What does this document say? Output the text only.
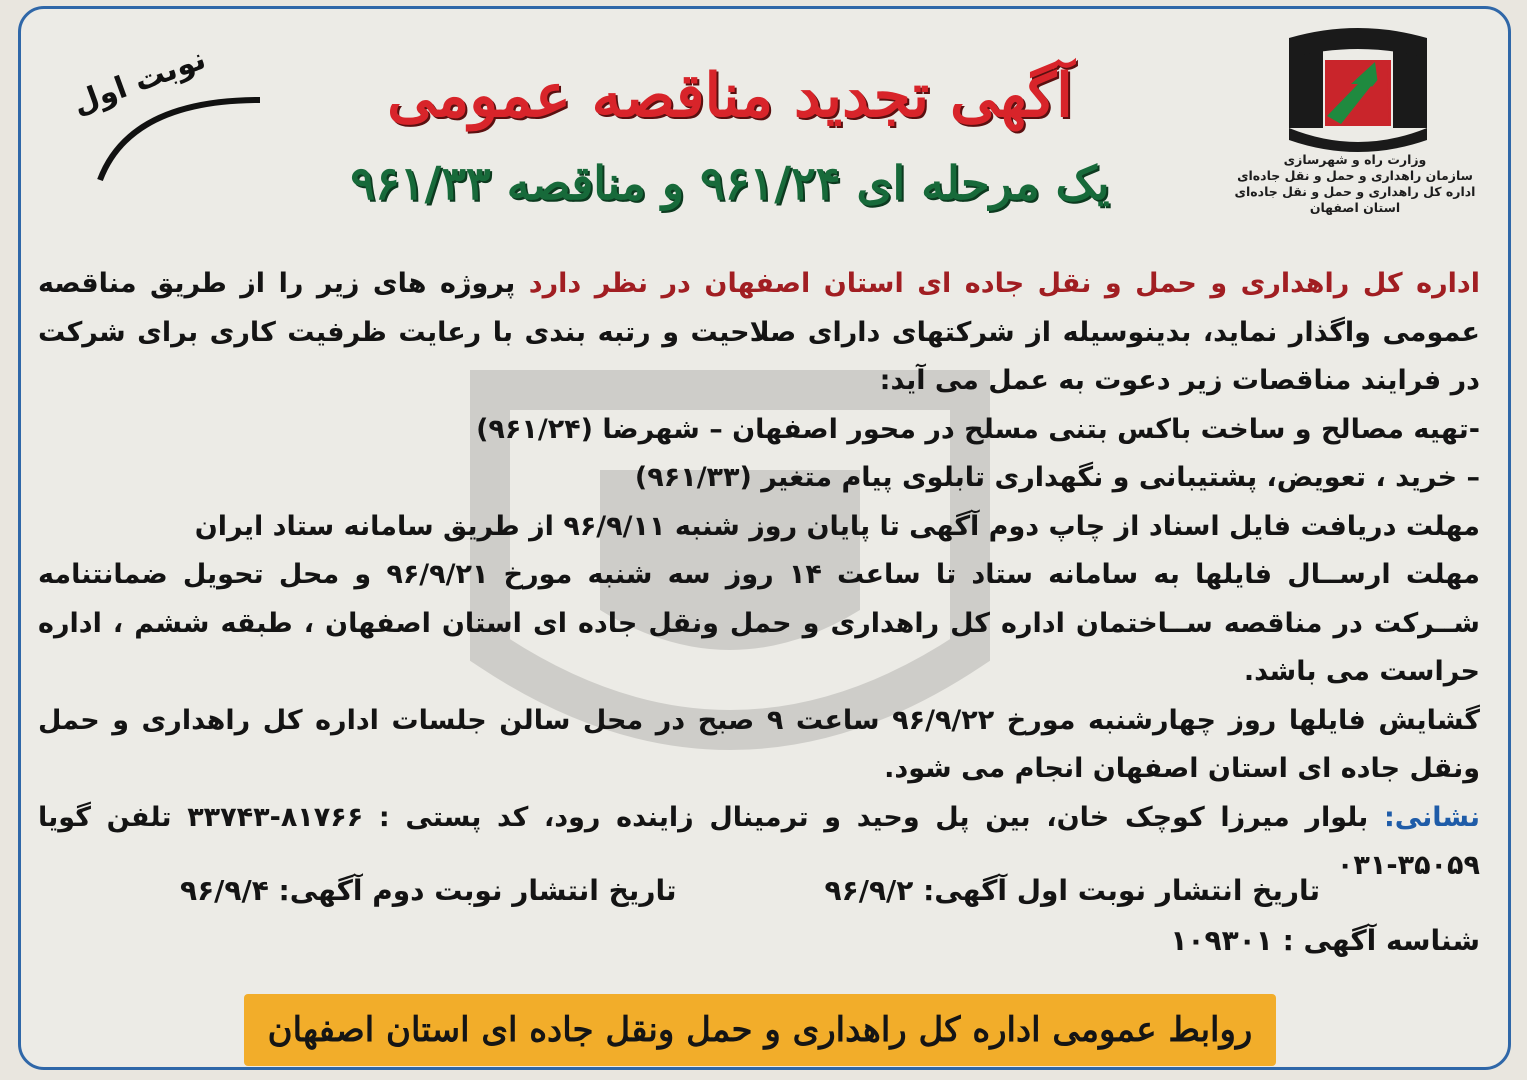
وزارت راه و شهرسازی
سازمان راهداری و حمل و نقل جاده‌ای
اداره کل راهداری و حمل و نقل جاده‌ای
استان اصفهان
آگهی تجدید مناقصه عمومی
یک مرحله ای ۹۶۱/۲۴ و مناقصه ۹۶۱/۳۳
نوبت اول

اداره کل راهداری و حمل و نقل جاده ای استان اصفهان در نظر دارد پروژه های زیر را از طریق مناقصه عمومی واگذار نماید، بدینوسیله از شرکتهای دارای صلاحیت و رتبه بندی با رعایت ظرفیت کاری برای شرکت در فرایند مناقصات زیر دعوت به عمل می آید:

-تهیه مصالح و ساخت باکس بتنی مسلح در محور اصفهان – شهرضا (۹۶۱/۲۴)

– خرید ، تعویض، پشتیبانی و نگهداری تابلوی پیام متغیر (۹۶۱/۳۳)

مهلت دریافت فایل اسناد از چاپ دوم آگهی تا پایان روز شنبه ۹۶/۹/۱۱ از طریق سامانه ستاد ایران

مهلت ارســال فایلها به سامانه ستاد تا ساعت ۱۴ روز سه شنبه مورخ ۹۶/۹/۲۱ و محل تحویل ضمانتنامه شــرکت در مناقصه ســاختمان اداره کل راهداری و حمل ونقل جاده ای استان اصفهان ، طبقه ششم ، اداره حراست می باشد.

گشایش فایلها روز چهارشنبه مورخ ۹۶/۹/۲۲ ساعت ۹ صبح در محل سالن جلسات اداره کل راهداری و حمل ونقل جاده ای استان اصفهان انجام می شود.

نشانی: بلوار میرزا کوچک خان، بین پل وحید و ترمینال زاینده رود، کد پستی : ۸۱۷۶۶-۳۳۷۴۳ تلفن گویا ۳۵۰۵۹-۰۳۱

تاریخ انتشار نوبت اول آگهی: ۹۶/۹/۲
تاریخ انتشار نوبت دوم آگهی: ۹۶/۹/۴
شناسه آگهی : ۱۰۹۳۰۱
روابط عمومی اداره کل راهداری و حمل ونقل جاده ای استان اصفهان
